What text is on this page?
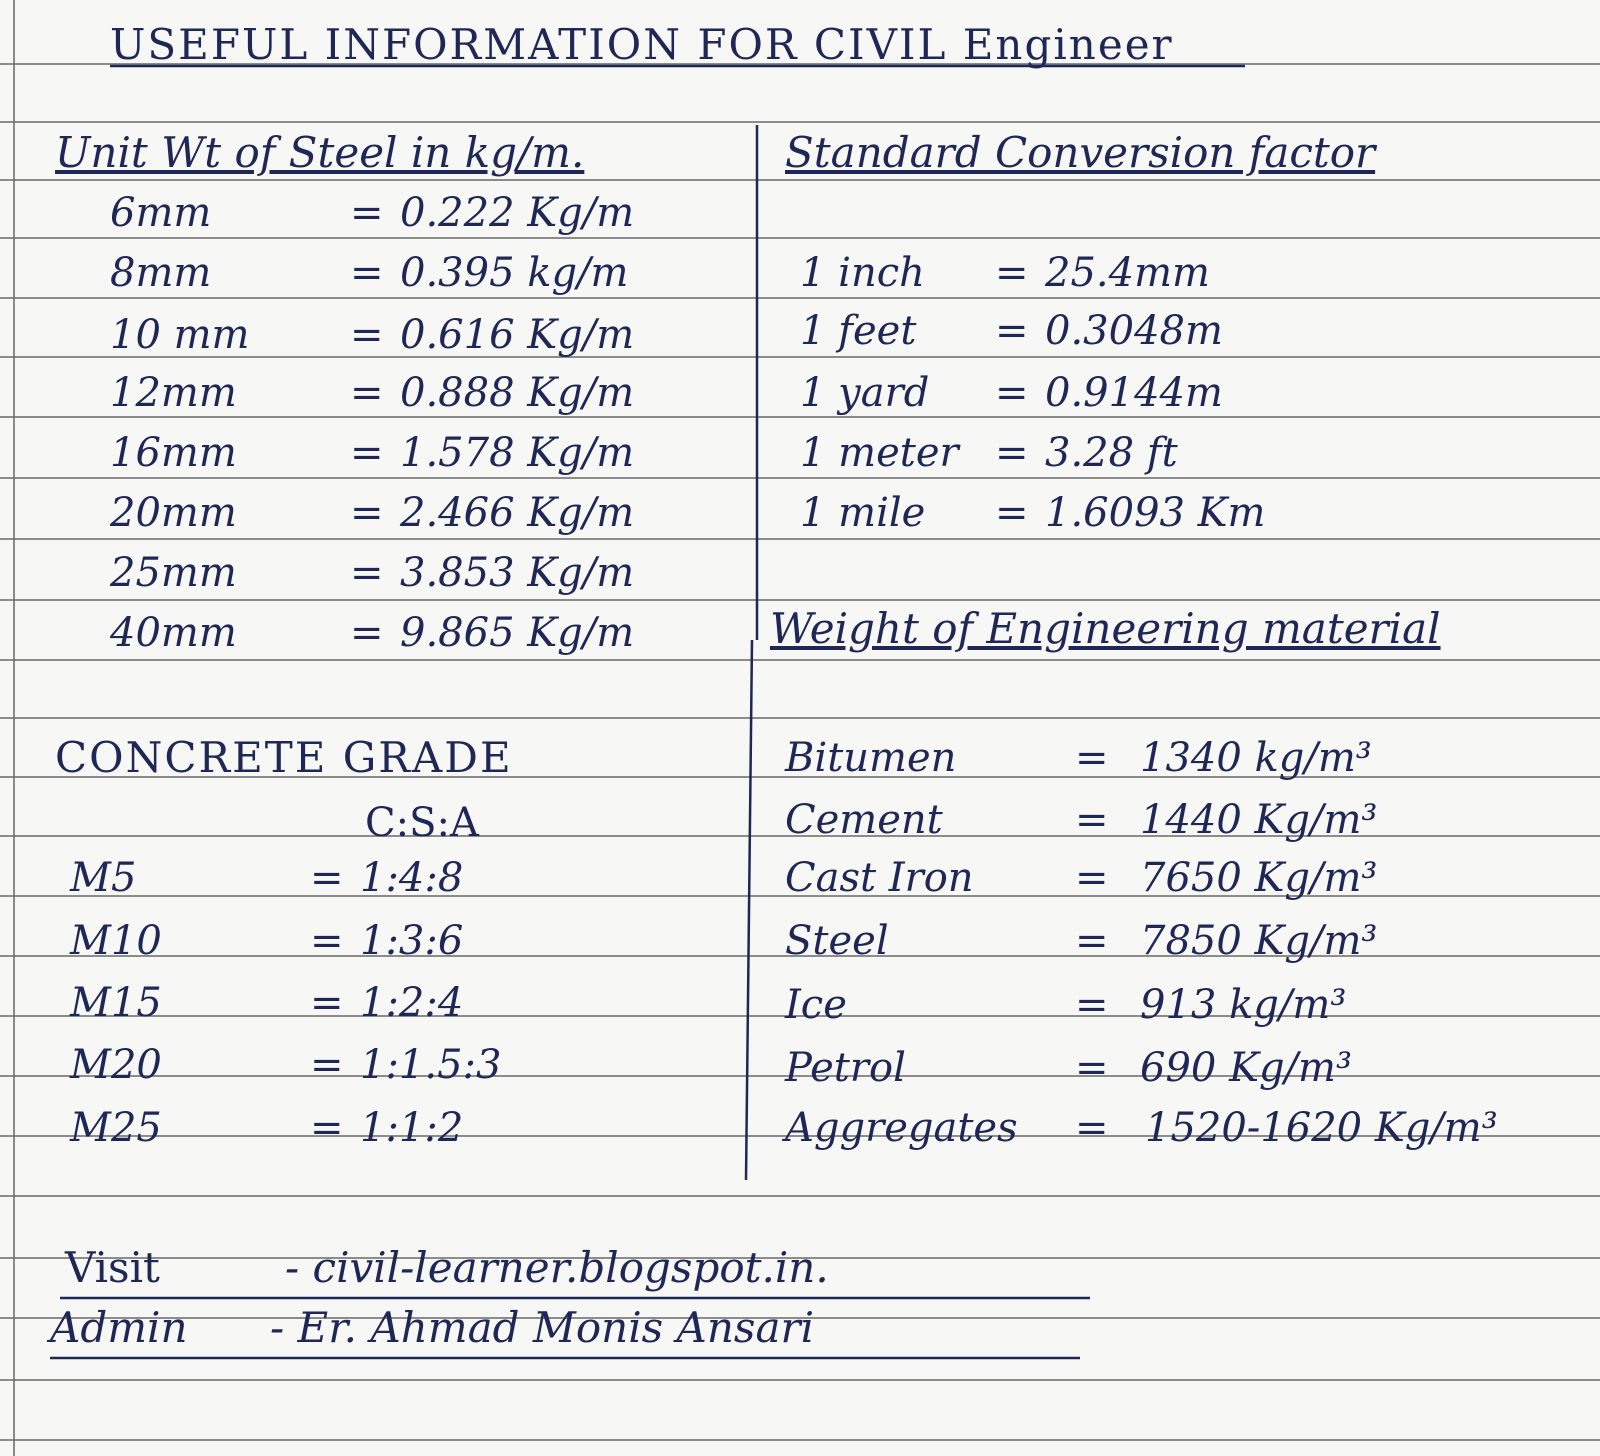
USEFUL INFORMATION FOR CIVIL Engineer
Unit Wt of Steel in kg/m.	Standard Conversion factor
Weight of Engineering material
CONCRETE GRADE
C:S:A
6mm	= 0.222 Kg/m
8mm	= 0.395 kg/m
10 mm	= 0.616 Kg/m
12mm	= 0.888 Kg/m
16mm	= 1.578 Kg/m
20mm	= 2.466 Kg/m
25mm	= 3.853 Kg/m
40mm	= 9.865 Kg/m
1 inch = 25.4mm
1 feet = 0.3048m
1 yard = 0.9144m
1 meter = 3.28 ft
1 mile = 1.6093 Km
M5	= 1:4:8
M10	= 1:3:6
M15	= 1:2:4
M20	= 1:1.5:3
M25	= 1:1:2
Bitumen	= 1340 kg/m³
Cement	= 1440 Kg/m³
Cast Iron	= 7650 Kg/m³
Steel	= 7850 Kg/m³
Ice	= 913 kg/m³
Petrol	= 690 Kg/m³
Aggregates = 1520-1620 Kg/m³
Visit	- civil-learner.blogspot.in.
Admin - Er. Ahmad Monis Ansari
